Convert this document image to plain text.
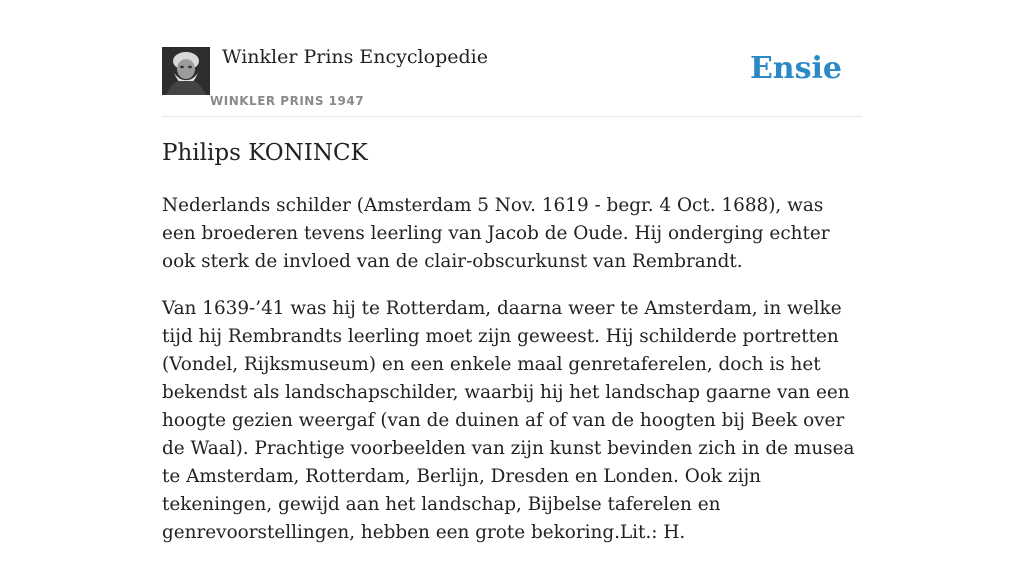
Winkler Prins Encyclopedie
WINKLER PRINS 1947
Ensie
Philips KONINCK

Nederlands schilder (Amsterdam 5 Nov. 1619 - begr. 4 Oct. 1688), was een broederen tevens leerling van Jacob de Oude. Hij onderging echter ook sterk de invloed van de clair-obscurkunst van Rembrandt.

Van 1639-’41 was hij te Rotterdam, daarna weer te Amsterdam, in welke tijd hij Rembrandts leerling moet zijn geweest. Hij schilderde portretten (Vondel, Rijksmuseum) en een enkele maal genretaferelen, doch is het bekendst als landschapschilder, waarbij hij het landschap gaarne van een hoogte gezien weergaf (van de duinen af of van de hoogten bij Beek over de Waal). Prachtige voorbeelden van zijn kunst bevinden zich in de musea te Amsterdam, Rotterdam, Berlijn, Dresden en Londen. Ook zijn tekeningen, gewijd aan het landschap, Bijbelse taferelen en genrevoorstellingen, hebben een grote bekoring.Lit.: H.
